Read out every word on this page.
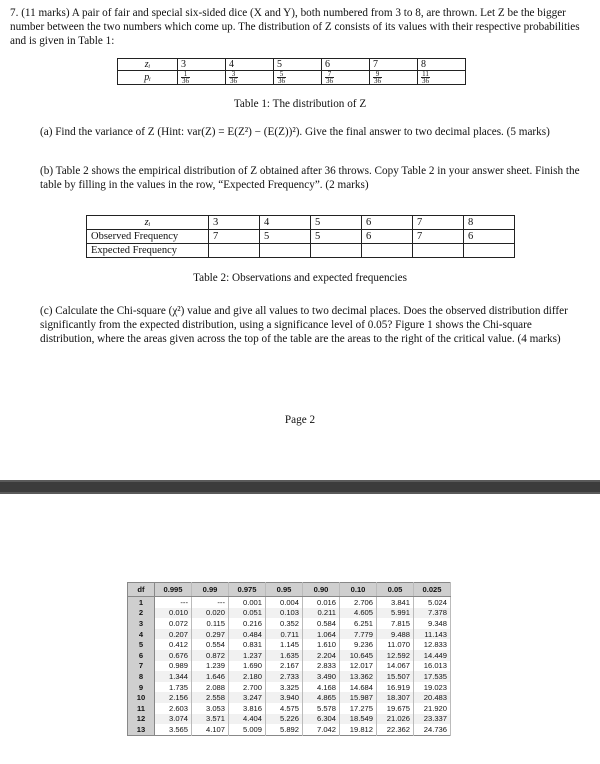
7. (11 marks) A pair of fair and special six-sided dice (X and Y), both numbered from 3 to 8, are thrown. Let Z be the bigger number between the two numbers which come up. The distribution of Z consists of its values with their respective probabilities and is given in Table 1:
zᵢ	3	4	5	6	7	8
pᵢ	$\frac{1}{36}$	$\frac{3}{36}$	$\frac{5}{36}$	$\frac{7}{36}$	$\frac{9}{36}$	$\frac{11}{36}$
Table 1: The distribution of Z
(a) Find the variance of Z (Hint: var(Z) = E(Z²) − (E(Z))²). Give the final answer to two decimal places. (5 marks)
(b) Table 2 shows the empirical distribution of Z obtained after 36 throws. Copy Table 2 in your answer sheet. Finish the table by filling in the values in the row, “Expected Frequency”. (2 marks)
zᵢ	3	4	5	6	7	8
Observed Frequency	7	5	5	6	7	6
Expected Frequency						
Table 2: Observations and expected frequencies
(c) Calculate the Chi-square (χ²) value and give all values to two decimal places. Does the observed distribution differ significantly from the expected distribution, using a significance level of 0.05? Figure 1 shows the Chi-square distribution, where the areas given across the top of the table are the areas to the right of the critical value. (4 marks)
Page 2
df	0.995	0.99	0.975	0.95	0.90	0.10	0.05	0.025
1	---	---	0.001	0.004	0.016	2.706	3.841	5.024
2	0.010	0.020	0.051	0.103	0.211	4.605	5.991	7.378
3	0.072	0.115	0.216	0.352	0.584	6.251	7.815	9.348
4	0.207	0.297	0.484	0.711	1.064	7.779	9.488	11.143
5	0.412	0.554	0.831	1.145	1.610	9.236	11.070	12.833
6	0.676	0.872	1.237	1.635	2.204	10.645	12.592	14.449
7	0.989	1.239	1.690	2.167	2.833	12.017	14.067	16.013
8	1.344	1.646	2.180	2.733	3.490	13.362	15.507	17.535
9	1.735	2.088	2.700	3.325	4.168	14.684	16.919	19.023
10	2.156	2.558	3.247	3.940	4.865	15.987	18.307	20.483
11	2.603	3.053	3.816	4.575	5.578	17.275	19.675	21.920
12	3.074	3.571	4.404	5.226	6.304	18.549	21.026	23.337
13	3.565	4.107	5.009	5.892	7.042	19.812	22.362	24.736
